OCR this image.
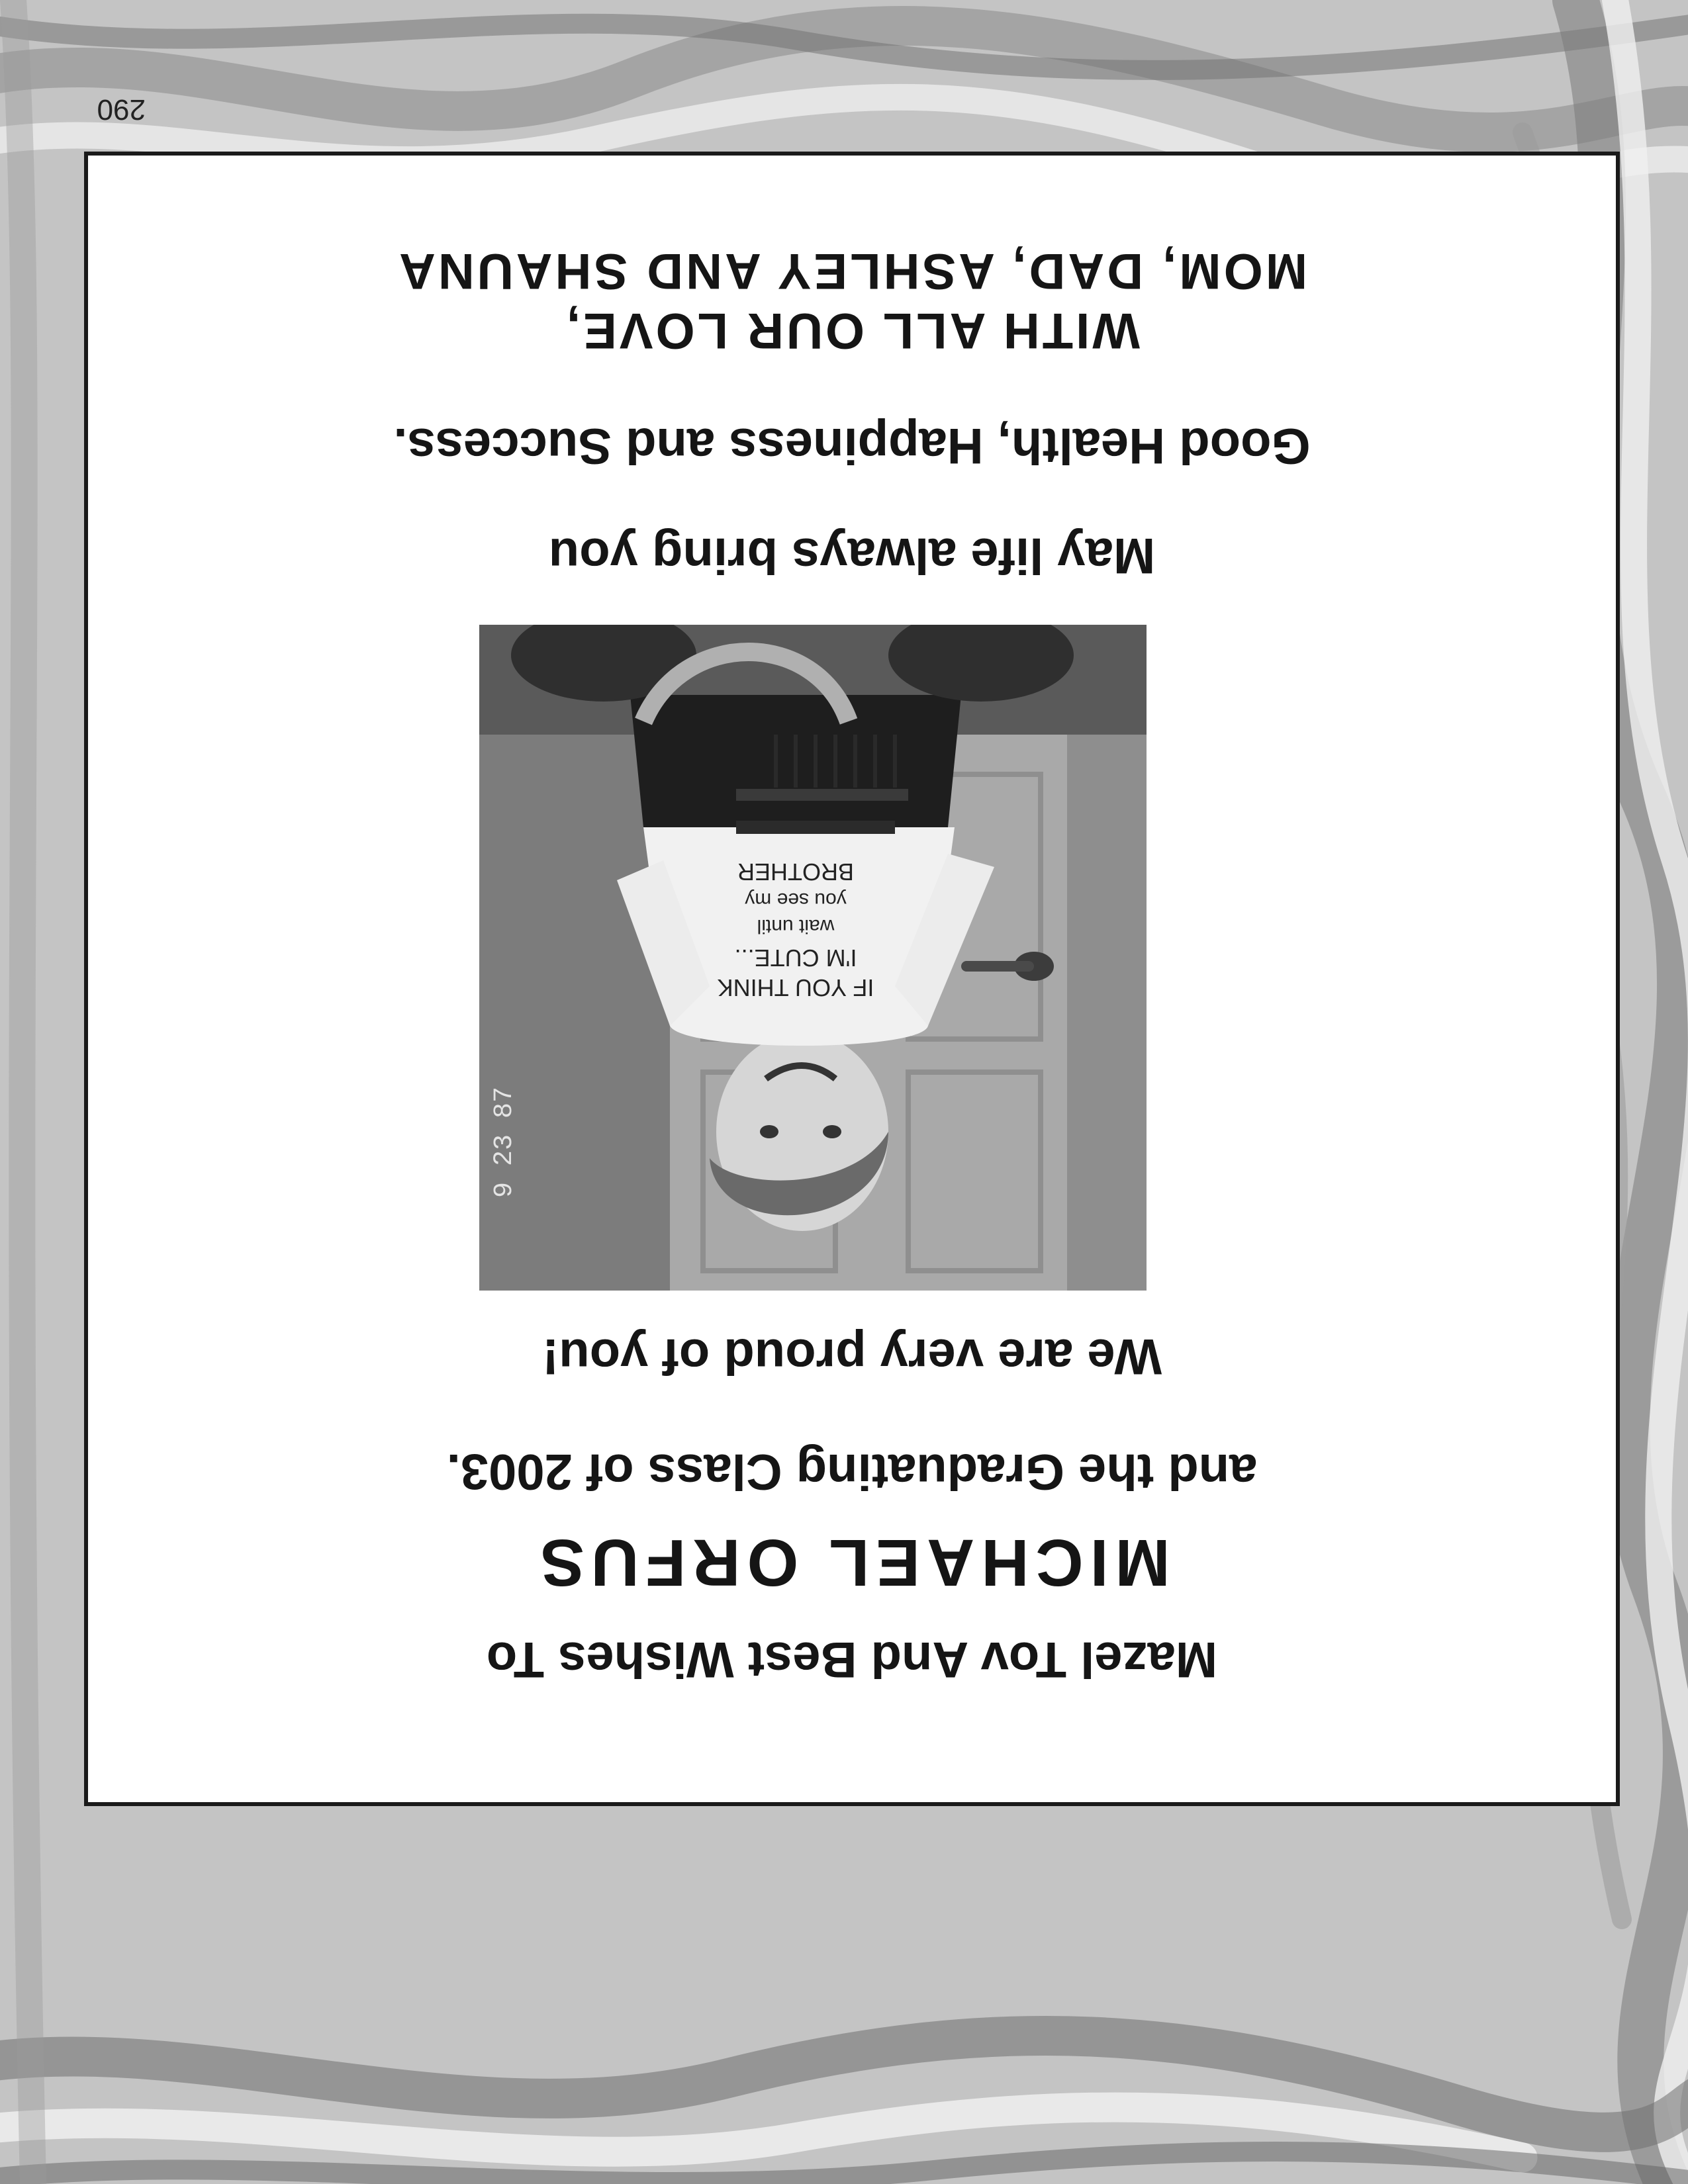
Mazel Tov And Best Wishes To
MICHAEL ORFUS
and the Graduating Class of 2003.
We are very proud of you!
IF YOU THINK
I'M CUTE...
wait until
you see my
BROTHER
9 23 87
May life always bring you
Good Health, Happiness and Success.
WITH ALL OUR LOVE,
MOM, DAD, ASHLEY AND SHAUNA
290
